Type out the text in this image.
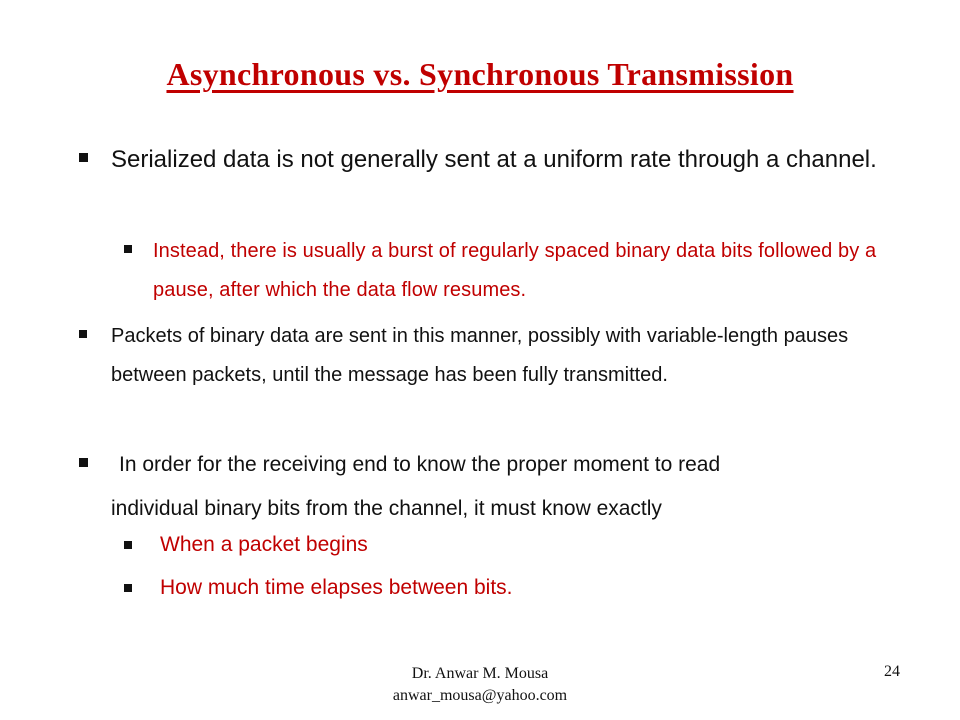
Asynchronous vs. Synchronous Transmission

Serialized data is not generally sent at a uniform rate through a channel.

Instead, there is usually a burst of regularly spaced binary data bits followed by a pause, after which the data flow resumes.

Packets of binary data are sent in this manner, possibly with variable-length pauses between packets, until the message has been fully transmitted.

In order for the receiving end to know the proper moment to read
individual binary bits from the channel, it must know exactly

When a packet begins

How much time elapses between bits.

Dr. Anwar M. Mousa
anwar_mousa@yahoo.com
24
